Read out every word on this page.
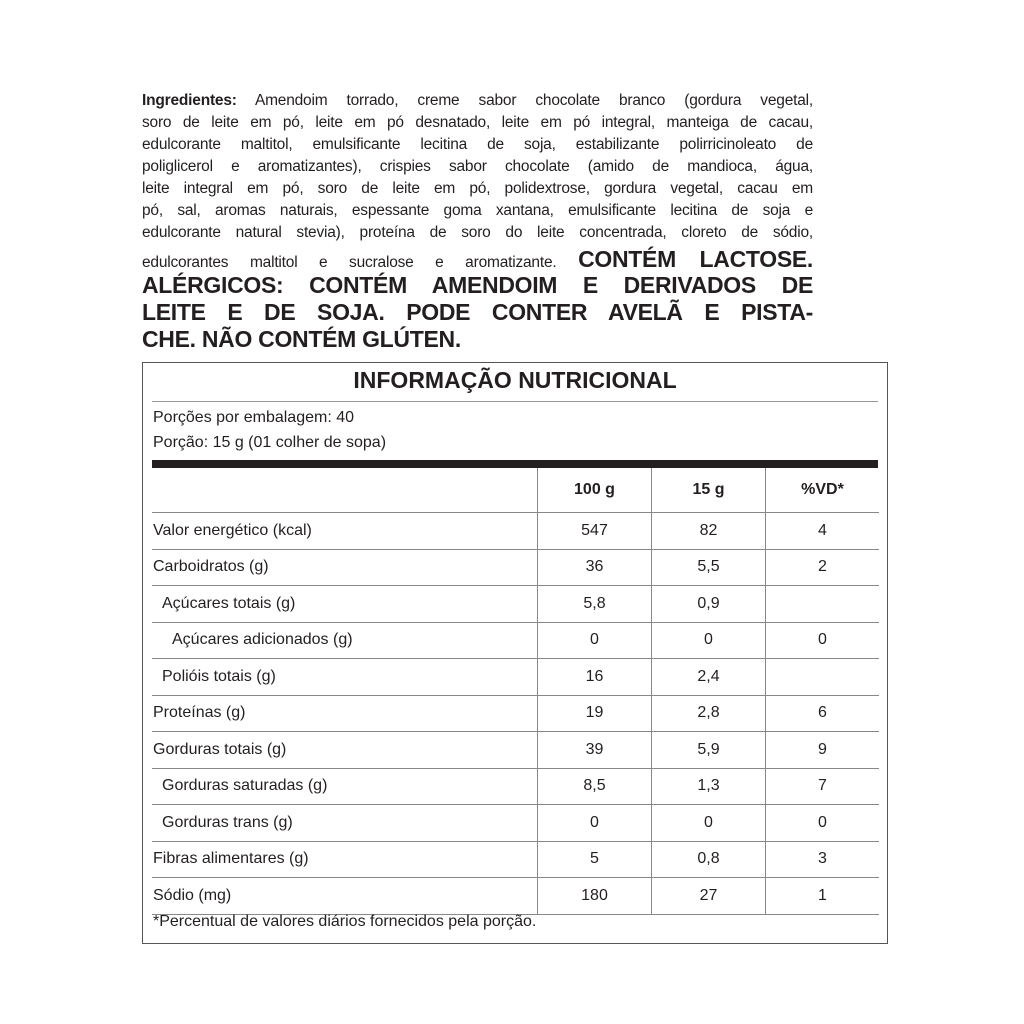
Ingredientes: Amendoim torrado, creme sabor chocolate branco (gordura vegetal,
soro de leite em pó, leite em pó desnatado, leite em pó integral, manteiga de cacau,
edulcorante maltitol, emulsificante lecitina de soja, estabilizante polirricinoleato de
poliglicerol e aromatizantes), crispies sabor chocolate (amido de mandioca, água,
leite integral em pó, soro de leite em pó, polidextrose, gordura vegetal, cacau em
pó, sal, aromas naturais, espessante goma xantana, emulsificante lecitina de soja e
edulcorante natural stevia), proteína de soro do leite concentrada, cloreto de sódio,
edulcorantes maltitol e sucralose e aromatizante. CONTÉM LACTOSE.
ALÉRGICOS: CONTÉM AMENDOIM E DERIVADOS DE
LEITE E DE SOJA. PODE CONTER AVELÃ E PISTA-
CHE. NÃO CONTÉM GLÚTEN.
INFORMAÇÃO NUTRICIONAL
Porções por embalagem: 40
Porção: 15 g (01 colher de sopa)
	100 g	15 g	%VD*
Valor energético (kcal)	547	82	4
Carboidratos (g)	36	5,5	2
Açúcares totais (g)	5,8	0,9	
Açúcares adicionados (g)	0	0	0
Polióis totais (g)	16	2,4	
Proteínas (g)	19	2,8	6
Gorduras totais (g)	39	5,9	9
Gorduras saturadas (g)	8,5	1,3	7
Gorduras trans (g)	0	0	0
Fibras alimentares (g)	5	0,8	3
Sódio (mg)	180	27	1
*Percentual de valores diários fornecidos pela porção.
